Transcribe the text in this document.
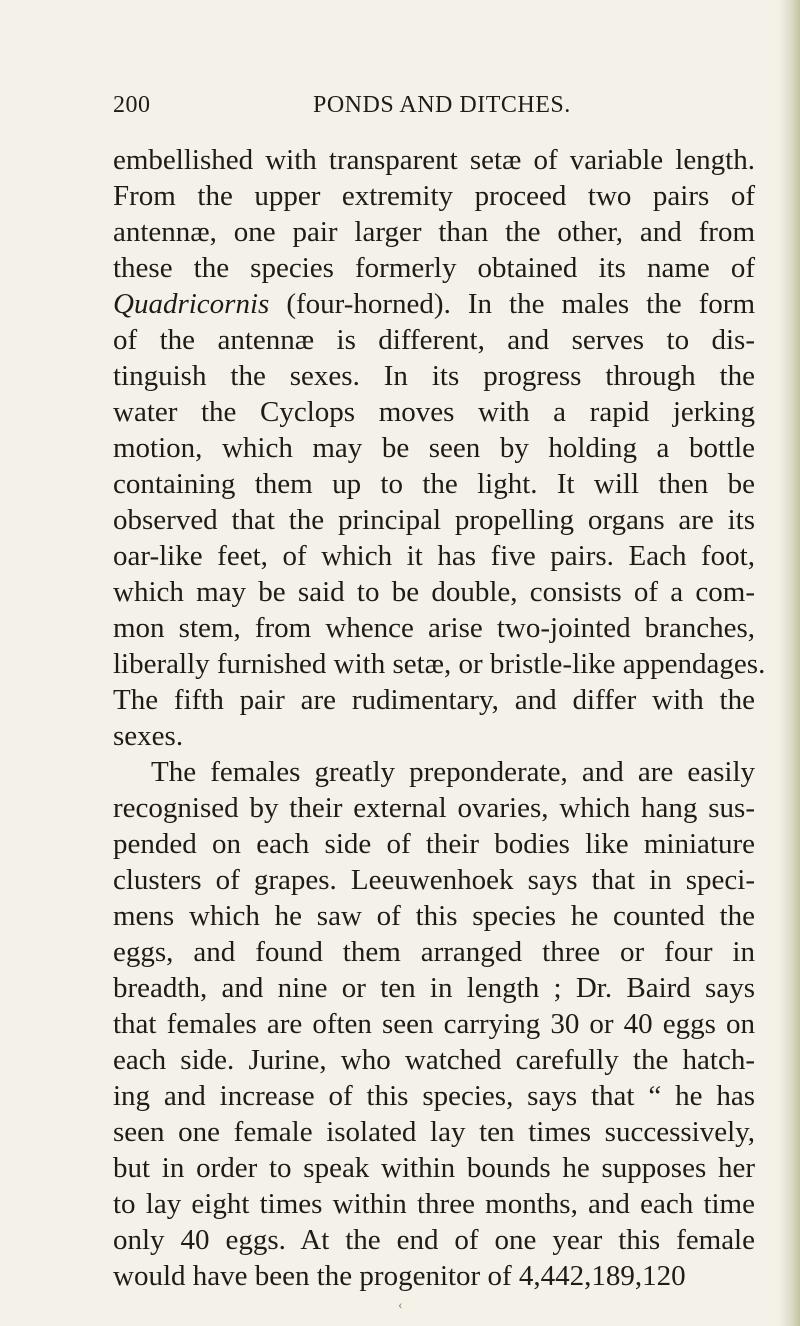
200	PONDS AND DITCHES.
embellished with transparent setæ of variable length.
From the upper extremity proceed two pairs of
antennæ, one pair larger than the other, and from
these the species formerly obtained its name of
Quadricornis (four-horned). In the males the form
of the antennæ is different, and serves to dis-
tinguish the sexes. In its progress through the
water the Cyclops moves with a rapid jerking
motion, which may be seen by holding a bottle
containing them up to the light. It will then be
observed that the principal propelling organs are its
oar-like feet, of which it has five pairs. Each foot,
which may be said to be double, consists of a com-
mon stem, from whence arise two-jointed branches,
liberally furnished with setæ, or bristle-like appendages.
The fifth pair are rudimentary, and differ with the
sexes.
The females greatly preponderate, and are easily
recognised by their external ovaries, which hang sus-
pended on each side of their bodies like miniature
clusters of grapes. Leeuwenhoek says that in speci-
mens which he saw of this species he counted the
eggs, and found them arranged three or four in
breadth, and nine or ten in length ; Dr. Baird says
that females are often seen carrying 30 or 40 eggs on
each side. Jurine, who watched carefully the hatch-
ing and increase of this species, says that “ he has
seen one female isolated lay ten times successively,
but in order to speak within bounds he supposes her
to lay eight times within three months, and each time
only 40 eggs. At the end of one year this female
would have been the progenitor of 4,442,189,120
‹
